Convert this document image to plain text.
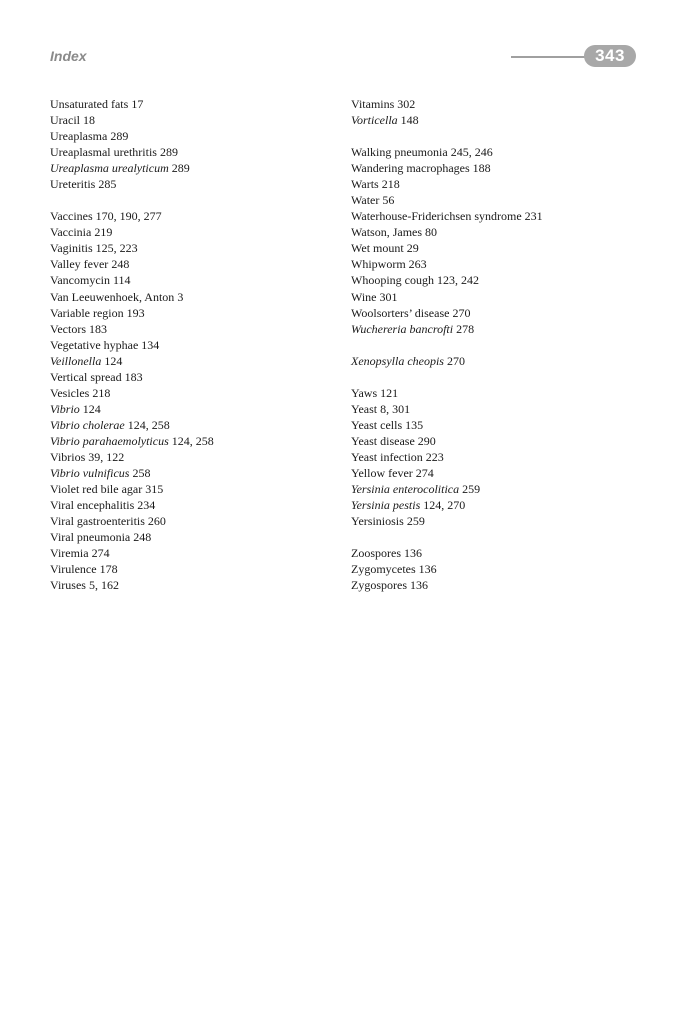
Index	343
Unsaturated fats 17
Uracil 18
Ureaplasma 289
Ureaplasmal urethritis 289
Ureaplasma urealyticum 289
Ureteritis 285
Vaccines 170, 190, 277
Vaccinia 219
Vaginitis 125, 223
Valley fever 248
Vancomycin 114
Van Leeuwenhoek, Anton 3
Variable region 193
Vectors 183
Vegetative hyphae 134
Veillonella 124
Vertical spread 183
Vesicles 218
Vibrio 124
Vibrio cholerae 124, 258
Vibrio parahaemolyticus 124, 258
Vibrios 39, 122
Vibrio vulnificus 258
Violet red bile agar 315
Viral encephalitis 234
Viral gastroenteritis 260
Viral pneumonia 248
Viremia 274
Virulence 178
Viruses 5, 162
Vitamins 302
Vorticella 148
Walking pneumonia 245, 246
Wandering macrophages 188
Warts 218
Water 56
Waterhouse-Friderichsen syndrome 231
Watson, James 80
Wet mount 29
Whipworm 263
Whooping cough 123, 242
Wine 301
Woolsorters’ disease 270
Wuchereria bancrofti 278
Xenopsylla cheopis 270
Yaws 121
Yeast 8, 301
Yeast cells 135
Yeast disease 290
Yeast infection 223
Yellow fever 274
Yersinia enterocolitica 259
Yersinia pestis 124, 270
Yersiniosis 259
Zoospores 136
Zygomycetes 136
Zygospores 136
